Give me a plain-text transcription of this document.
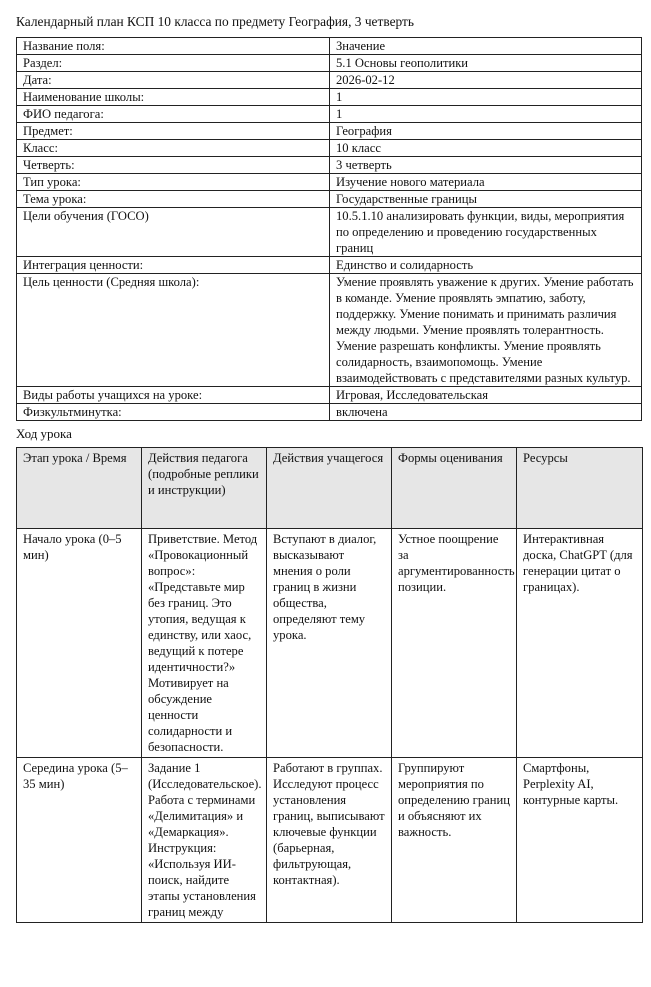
Календарный план КСП 10 класса по предмету География, 3 четверть
Название поля:	Значение
Раздел:	5.1 Основы геополитики
Дата:	2026-02-12
Наименование школы:	1
ФИО педагога:	1
Предмет:	География
Класс:	10 класс
Четверть:	3 четверть
Тип урока:	Изучение нового материала
Тема урока:	Государственные границы
Цели обучения (ГОСО)	10.5.1.10 анализировать функции, виды, мероприятия по определению и проведению государственных границ
Интеграция ценности:	Единство и солидарность
Цель ценности (Средняя школа):	Умение проявлять уважение к других. Умение работать в команде. Умение проявлять эмпатию, заботу, поддержку. Умение понимать и принимать различия между людьми. Умение проявлять толерантность. Умение разрешать конфликты. Умение проявлять солидарность, взаимопомощь. Умение взаимодействовать с представителями разных культур.
Виды работы учащихся на уроке:	Игровая, Исследовательская
Физкультминутка:	включена
Ход урока
Этап урока / Время	Действия педагога (подробные реплики и инструкции)	Действия учащегося	Формы оценивания	Ресурсы
Начало урока (0–5 мин)	Приветствие. Метод «Провокационный вопрос»: «Представьте мир без границ. Это утопия, ведущая к единству, или хаос, ведущий к потере идентичности?» Мотивирует на обсуждение ценности солидарности и безопасности.	Вступают в диалог, высказывают мнения о роли границ в жизни общества, определяют тему урока.	Устное поощрение за аргументированность позиции.	Интерактивная доска, ChatGPT (для генерации цитат о границах).
Середина урока (5–35 мин)	Задание 1 (Исследовательское). Работа с терминами «Делимитация» и «Демаркация». Инструкция: «Используя ИИ-поиск, найдите этапы установления границ между	Работают в группах. Исследуют процесс установления границ, выписывают ключевые функции (барьерная, фильтрующая, контактная).	Группируют мероприятия по определению границ и объясняют их важность.	Смартфоны, Perplexity AI, контурные карты.
